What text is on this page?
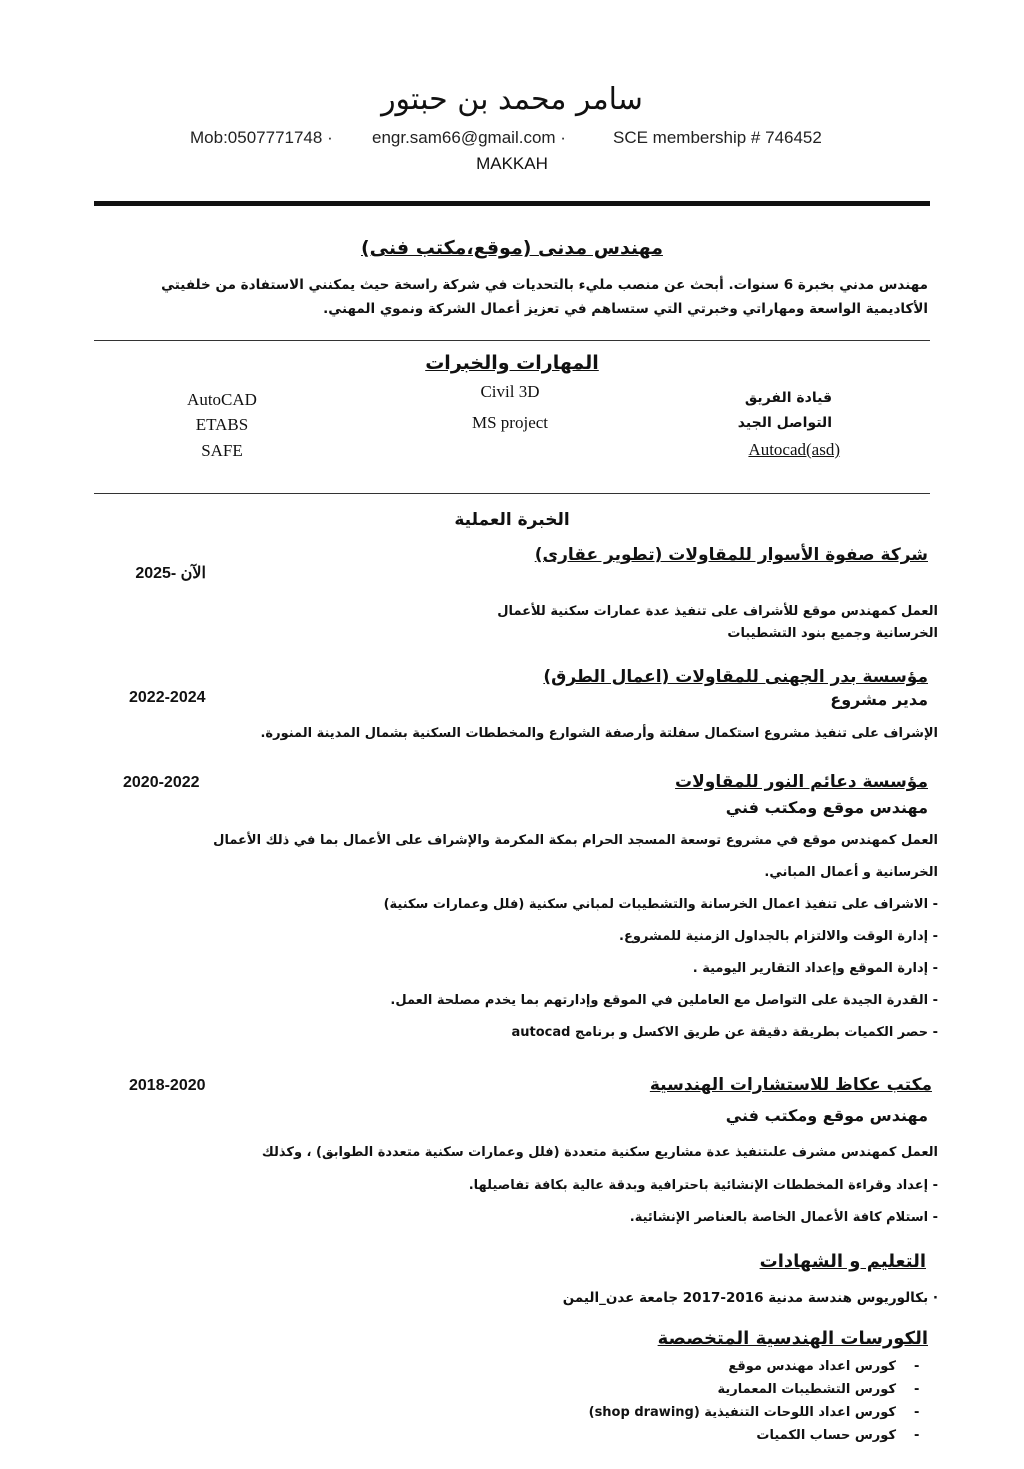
سامر محمد بن حبتور
Mob:0507771748 · engr.sam66@gmail.com ·	SCE membership # 746452
MAKKAH
مهندس مدنى (موقع،مكتب فنى)
مهندس مدني بخبرة 6 سنوات. أبحث عن منصب مليء بالتحديات في شركة راسخة حيث يمكنني الاستفادة من خلفيتي
الأكاديمية الواسعة ومهاراتي وخبرتي التي ستساهم في تعزيز أعمال الشركة ونموي المهني.
المهارات والخبرات
AutoCAD
ETABS
SAFE
Civil 3D
MS project
قيادة الفريق
التواصل الجيد
Autocad(asd)
الخبرة العملية
شركة صفوة الأسوار للمقاولات (تطوير عقارى)
الآن -2025
العمل كمهندس موقع للأشراف على تنفيذ عدة عمارات سكنية للأعمال
الخرسانية وجميع بنود التشطيبات
مؤسسة بدر الجهنى للمقاولات (اعمال الطرق)
2022-2024	مدير مشروع
الإشراف على تنفيذ مشروع استكمال سفلتة وأرصفة الشوارع والمخططات السكنية بشمال المدينة المنورة.
مؤسسة دعائم النور للمقاولات
2020-2022
مهندس موقع ومكتب فني
العمل كمهندس موقع في مشروع توسعة المسجد الحرام بمكة المكرمة والإشراف على الأعمال بما في ذلك الأعمال
الخرسانية و أعمال المباني.
- الاشراف على تنفيذ اعمال الخرسانة والتشطيبات لمباني سكنية (فلل وعمارات سكنية)
- إدارة الوقت والالتزام بالجداول الزمنية للمشروع.
- إدارة الموقع وإعداد التقارير اليومية .
- القدرة الجيدة على التواصل مع العاملين في الموقع وإدارتهم بما يخدم مصلحة العمل.
- حصر الكميات بطريقة دقيقة عن طريق الاكسل و برنامج autocad
مكتب عكاظ للاستشارات الهندسية
2018-2020
مهندس موقع ومكتب فني
العمل كمهندس مشرف علىتنفيذ عدة مشاريع سكنية متعددة (فلل وعمارات سكنية متعددة الطوابق) ، وكذلك
- إعداد وقراءة المخططات الإنشائية باحترافية وبدقة عالية بكافة تفاصيلها.
- استلام كافة الأعمال الخاصة بالعناصر الإنشائية.
التعليم و الشهادات
· بكالوريوس هندسة مدنية 2016-2017 جامعة عدن_اليمن
الكورسات الهندسية المتخصصة
كورس اعداد مهندس موقع -
كورس التشطيبات المعمارية -
كورس اعداد اللوحات التنفيذية (shop drawing) -
كورس حساب الكميات -
